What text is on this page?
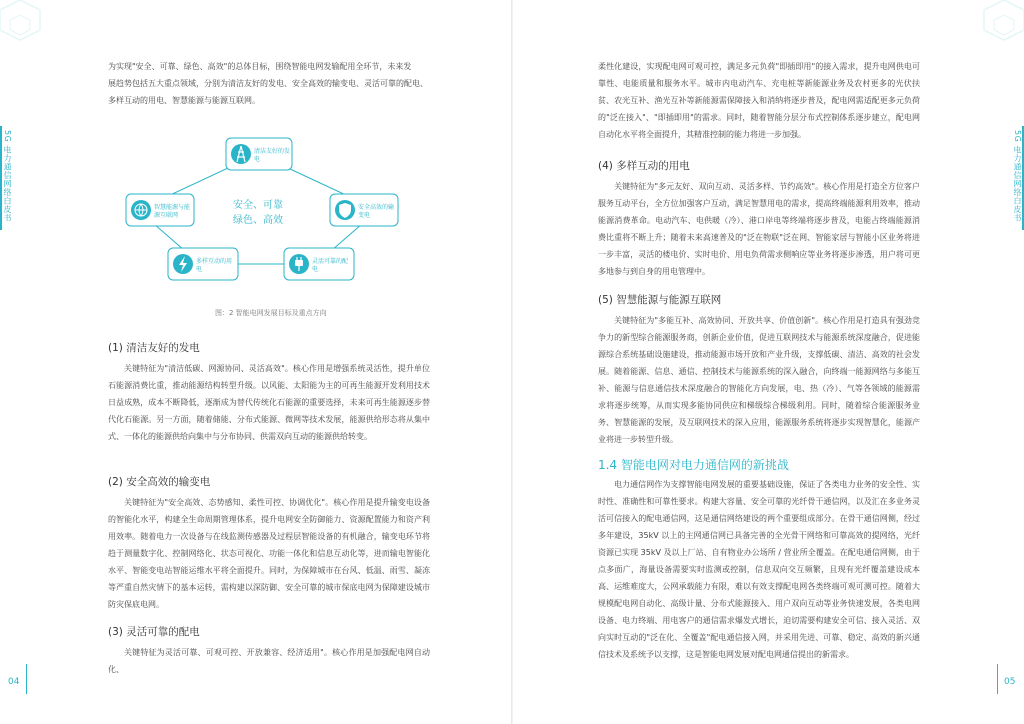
5G 电力通信网络白皮书	5G 电力通信网络白皮书
04	05

为实现"安全、可靠、绿色、高效"的总体目标，围绕智能电网发输配用全环节，未来发

展趋势包括五大重点领域，分别为清洁友好的发电、安全高效的输变电、灵活可靠的配电、

多样互动的用电、智慧能源与能源互联网。

安全、可靠
绿色、高效
清洁友好的发
电
智慧能源与能
源互联网
安全高效的输
变电
多样互动的用
电
灵活可靠的配
电
图：2 智能电网发展目标及重点方向
(1) 清洁友好的发电

关键特征为"清洁低碳、网源协同、灵活高效"。核心作用是增强系统灵活性，提升单位石能源消费比重，推动能源结构转型升级。以风能、太阳能为主的可再生能源开发利用技术日益成熟，成本不断降低，逐渐成为替代传统化石能源的重要选择，未来可再生能源逐步替代化石能源。另一方面，随着储能、分布式能源、微网等技术发展，能源供给形态将从集中式、一体化的能源供给向集中与分布协同、供需双向互动的能源供给转变。

(2) 安全高效的输变电

关键特征为"安全高效、态势感知、柔性可控、协调优化"。核心作用是提升输变电设备的智能化水平，构建全生命周期管理体系，提升电网安全防御能力、资源配置能力和资产利用效率。随着电力一次设备与在线监测传感器及过程层智能设备的有机融合，输变电环节将趋于测量数字化、控制网络化、状态可视化、功能一体化和信息互动化等，进而输电智能化水平、智能变电站智能运维水平将全面提升。同时，为保障城市在台风、低温、雨雪、凝冻等严重自然灾情下的基本运转，需构建以深防御、安全可靠的城市保底电网为保障建设城市防灾保底电网。

(3) 灵活可靠的配电

关键特征为灵活可靠、可观可控、开放兼容、经济适用"。核心作用是加强配电网自动化、

柔性化建设，实现配电网可观可控，满足多元负荷"即插即用"的接入需求，提升电网供电可靠性、电能质量和服务水平。城市内电动汽车、充电桩等新能源业务及农村更多的光伏扶贫、农光互补、渔光互补等新能源需保障接入和消纳将逐步普及，配电网需适配更多元负荷的"泛在接入"、"即插即用"的需求。同时，随着智能分层分布式控制体系逐步建立，配电网自动化水平将全面提升，其精准控制的能力将进一步加强。

(4) 多样互动的用电

关键特征为"多元友好、双向互动、灵活多样、节约高效"。核心作用是打造全方位客户服务互动平台，全方位加强客户互动，满足智慧用电的需求，提高终端能源利用效率，推动能源消费革命。电动汽车、电供暖（冷）、港口岸电等终端将逐步普及，电能占终端能源消费比重将不断上升；随着未来高速普及的"泛在物联"泛在网、智能家居与智能小区业务将进一步丰富，灵活的楼电价、实时电价、用电负荷需求侧响应等业务将逐步渗透，用户将可更多地参与到自身的用电管理中。

(5) 智慧能源与能源互联网

关键特征为"多能互补、高效协同、开放共享、价值创新"。核心作用是打造具有强劲竞争力的新型综合能源服务商，创新企业价值，促进互联网技术与能源系统深度融合，促进能源综合系统基础设施建设，推动能源市场开放和产业升级，支撑低碳、清洁、高效的社会发展。随着能源、信息、通信、控制技术与能源系统的深入融合，向终端一能源网络与多能互补、能源与信息通信技术深度融合的智能化方向发展，电、热（冷）、气等各领域的能源需求将逐步统筹，从而实现多能协同供应和梯级综合梯级利用。同时，随着综合能源服务业务、智慧能源的发展，及互联网技术的深入应用，能源服务系统将逐步实现智慧化，能源产业将进一步转型升级。

1.4 智能电网对电力通信网的新挑战

电力通信网作为支撑智能电网发展的重要基础设施，保证了各类电力业务的安全性、实时性、准确性和可靠性要求。构建大容量、安全可靠的光纤骨干通信网，以及汇在多业务灵活可信接入的配电通信网，这是通信网络建设的两个重要组成部分。在骨干通信网侧，经过多年建设，35kV 以上的主网通信网已具备完善的全光骨干网络和可靠高效的提网络，光纤资源已实现 35kV 及以上厂站、自有物业办公场所 / 营业所全覆盖。在配电通信网侧，由于点多面广，海量设备需要实时监测或控制，信息双向交互频繁，且现有光纤覆盖建设成本高、运维难度大，公网承载能力有限，难以有效支撑配电网各类终端可观可测可控。随着大规模配电网自动化、高级计量、分布式能源接入、用户双向互动等业务快速发展，各类电网设备、电力终端、用电客户的通信需求爆发式增长，迫切需要构建安全可信、接入灵活、双向实时互动的"泛在化、全覆盖"配电通信接入网，并采用先进、可靠、稳定、高效的新兴通信技术及系统予以支撑，这是智能电网发展对配电网通信提出的新需求。
